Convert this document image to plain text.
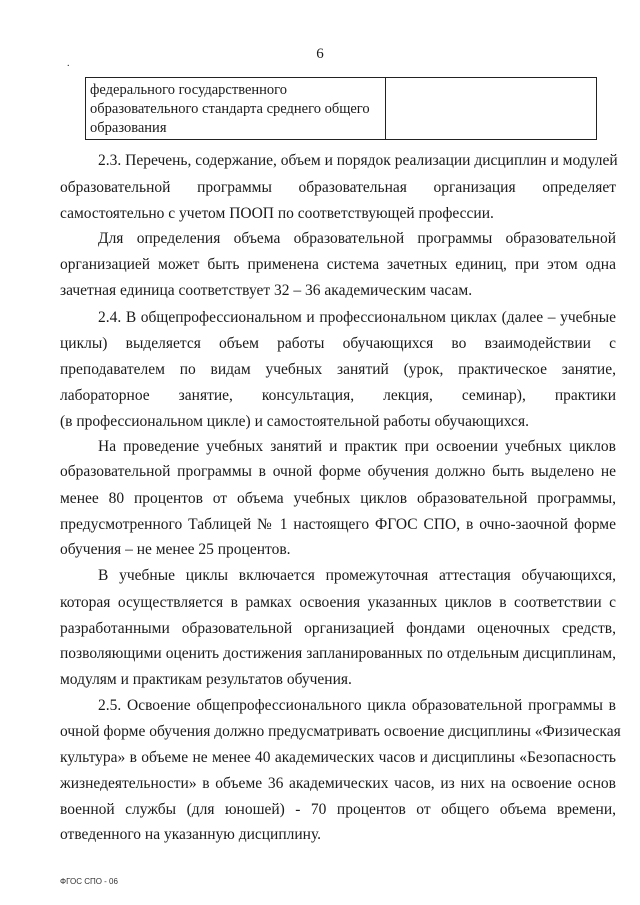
6
.
федерального государственного
образовательного стандарта среднего общего
образования

2.3. Перечень, содержание, объем и порядок реализации дисциплин и модулей
образовательной программы образовательная организация определяет
самостоятельно с учетом ПООП по соответствующей профессии.
Для определения объема образовательной программы образовательной
организацией может быть применена система зачетных единиц, при этом одна
зачетная единица соответствует 32 – 36 академическим часам.
2.4. В общепрофессиональном и профессиональном циклах (далее – учебные
циклы) выделяется объем работы обучающихся во взаимодействии с
преподавателем по видам учебных занятий (урок, практическое занятие,
лабораторное занятие, консультация, лекция, семинар), практики
(в профессиональном цикле) и самостоятельной работы обучающихся.
На проведение учебных занятий и практик при освоении учебных циклов
образовательной программы в очной форме обучения должно быть выделено не
менее 80 процентов от объема учебных циклов образовательной программы,
предусмотренного Таблицей № 1 настоящего ФГОС СПО, в очно-заочной форме
обучения – не менее 25 процентов.
В учебные циклы включается промежуточная аттестация обучающихся,
которая осуществляется в рамках освоения указанных циклов в соответствии с
разработанными образовательной организацией фондами оценочных средств,
позволяющими оценить достижения запланированных по отдельным дисциплинам,
модулям и практикам результатов обучения.
2.5. Освоение общепрофессионального цикла образовательной программы в
очной форме обучения должно предусматривать освоение дисциплины «Физическая
культура» в объеме не менее 40 академических часов и дисциплины «Безопасность
жизнедеятельности» в объеме 36 академических часов, из них на освоение основ
военной службы (для юношей) - 70 процентов от общего объема времени,
отведенного на указанную дисциплину.
ФГОС СПО - 06
